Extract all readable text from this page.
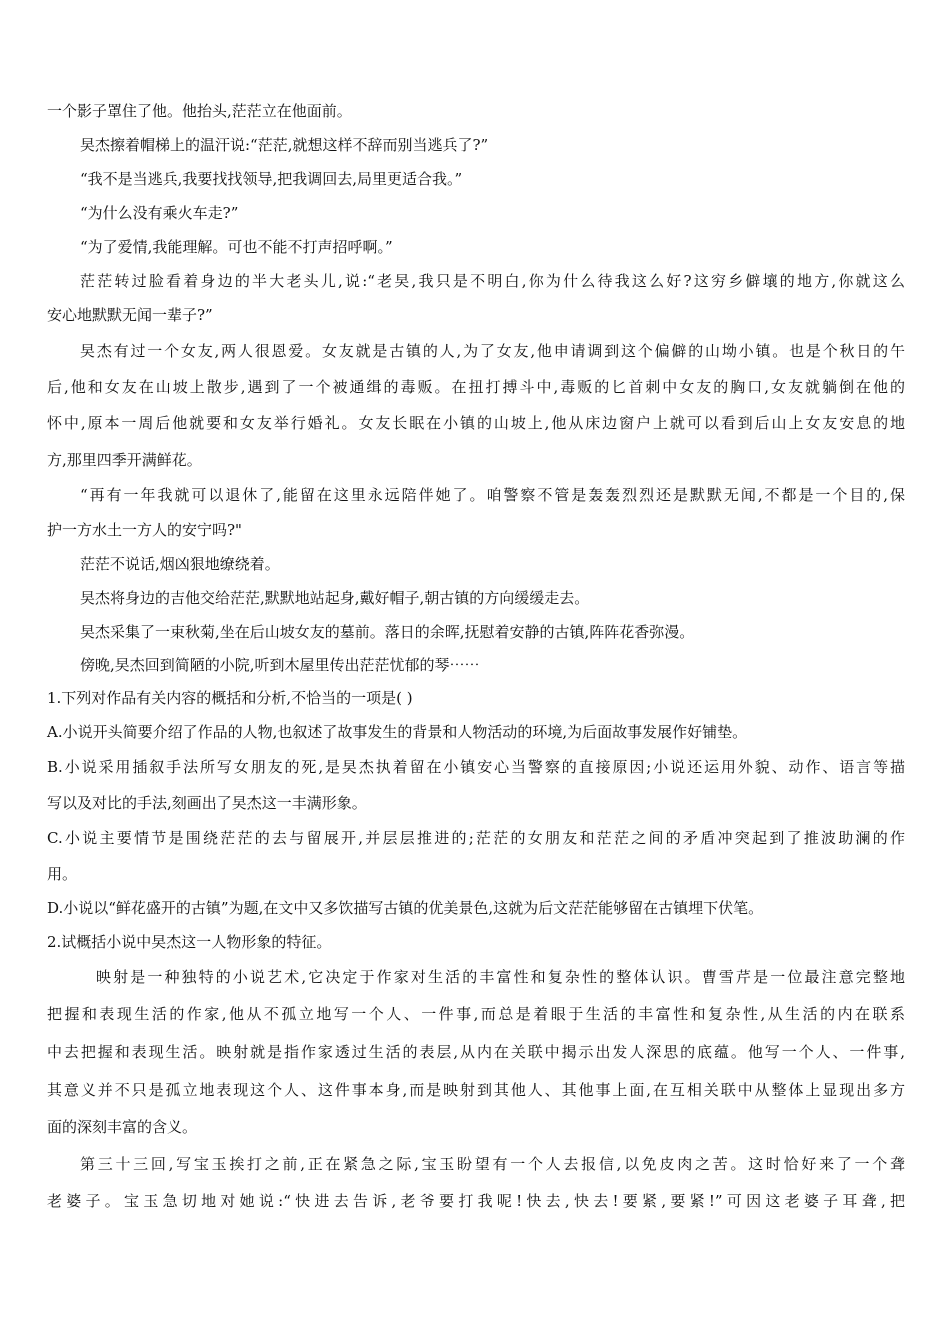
一个影子罩住了他。他抬头,茫茫立在他面前。
旲杰擦着帽梯上的温汗说:“茫茫,就想这样不辞而别当逃兵了?”
“我不是当逃兵,我要找找领导,把我调回去,局里更适合我。”
“为什么没有乘火车走?”
“为了爱情,我能理解。可也不能不打声招呼啊。”
茫茫转过脸看着身边的半大老头儿,说:“老旲,我只是不明白,你为什么待我这么好?这穷乡僻壤的地方,你就这么
安心地默默无闻一辈子?”
旲杰有过一个女友,两人很恩爱。女友就是古镇的人,为了女友,他申请调到这个偏僻的山坳小镇。也是个秋日的午
后,他和女友在山坡上散步,遇到了一个被通缉的毒贩。在扭打搏斗中,毒贩的匕首刺中女友的胸口,女友就躺倒在他的
怀中,原本一周后他就要和女友举行婚礼。女友长眠在小镇的山坡上,他从床边窗户上就可以看到后山上女友安息的地
方,那里四季开满鲜花。
“再有一年我就可以退休了,能留在这里永远陪伴她了。咱警察不管是轰轰烈烈还是默默无闻,不都是一个目的,保
护一方水土一方人的安宁吗?"
茫茫不说话,烟凶狠地缭绕着。
旲杰将身边的吉他交给茫茫,默默地站起身,戴好帽子,朝古镇的方向缓缓走去。
旲杰采集了一束秋菊,坐在后山坡女友的墓前。落日的余晖,抚慰着安静的古镇,阵阵花香弥漫。
傍晚,旲杰回到简陋的小院,听到木屋里传出茫茫忧郁的琴⋯⋯
1.下列对作品有关内容的概括和分析,不恰当的一项是( )
A.小说开头简要介绍了作品的人物,也叙述了故事发生的背景和人物活动的环境,为后面故事发展作好铺垫。
B.小说采用插叙手法所写女朋友的死,是旲杰执着留在小镇安心当警察的直接原因;小说还运用外貌、动作、语言等描
写以及对比的手法,刻画出了旲杰这一丰满形象。
C.小说主要情节是围绕茫茫的去与留展开,并层层推进的;茫茫的女朋友和茫茫之间的矛盾冲突起到了推波助澜的作
用。
D.小说以“鲜花盛开的古镇”为题,在文中又多饮描写古镇的优美景色,这就为后文茫茫能够留在古镇埋下伏笔。
2.试概括小说中旲杰这一人物形象的特征。
映射是一种独特的小说艺术,它决定于作家对生活的丰富性和复杂性的整体认识。曹雪芹是一位最注意完整地
把握和表现生活的作家,他从不孤立地写一个人、一件事,而总是着眼于生活的丰富性和复杂性,从生活的内在联系
中去把握和表现生活。映射就是指作家透过生活的表层,从内在关联中揭示出发人深思的底蕴。他写一个人、一件事,
其意义并不只是孤立地表现这个人、这件事本身,而是映射到其他人、其他事上面,在互相关联中从整体上显现出多方
面的深刻丰富的含义。
第三十三回,写宝玉挨打之前,正在紧急之际,宝玉盼望有一个人去报信,以免皮肉之苦。这时恰好来了一个聋
老婆子。宝玉急切地对她说:“快进去告诉,老爷要打我呢!快去,快去!要紧,要紧!”可因这老婆子耳聋,把
